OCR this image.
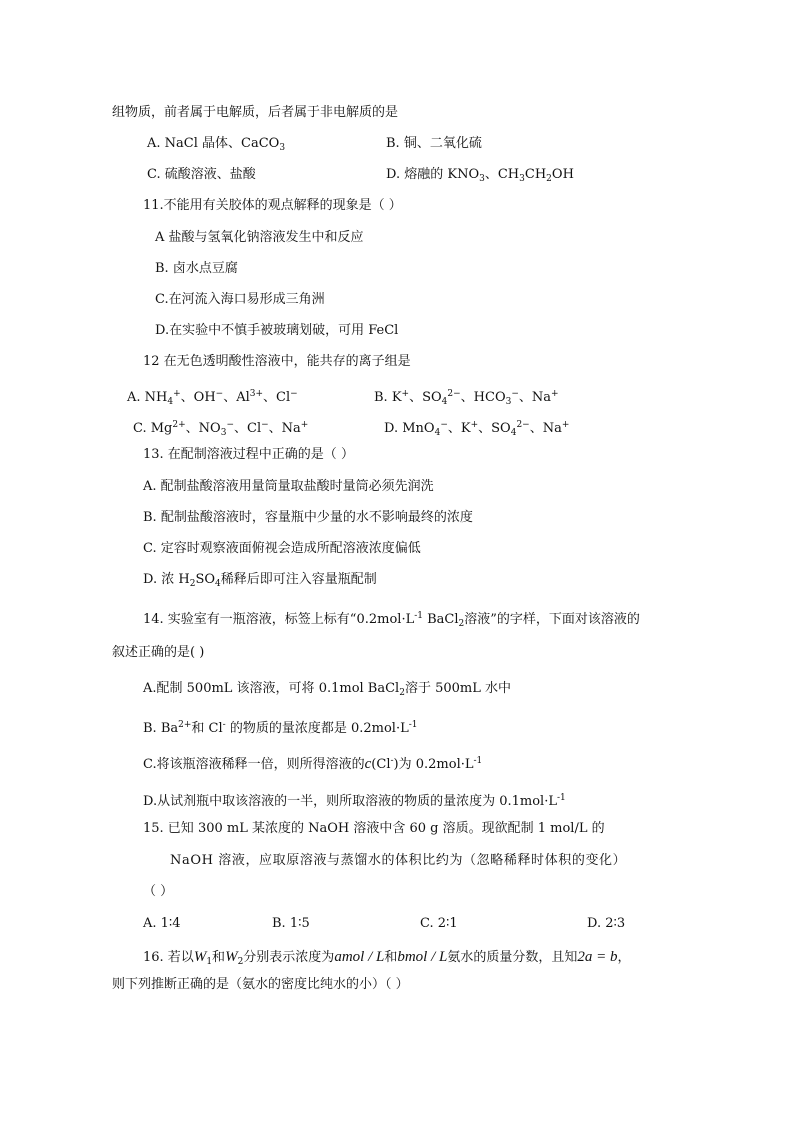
组物质，前者属于电解质，后者属于非电解质的是
A. NaCl 晶体、CaCO$_3$	B. 铜、二氧化硫
C. 硫酸溶液、盐酸	D. 熔融的 $KNO_3$、$CH_3CH_2OH$
11.不能用有关胶体的观点解释的现象是（ ）
A 盐酸与氢氧化钠溶液发生中和反应
B. 卤水点豆腐
C.在河流入海口易形成三角洲
D.在实验中不慎手被玻璃划破，可用 FeCl
12 在无色透明酸性溶液中，能共存的离子组是
A. $NH_4^+$、OH−、$Al^{3+}$、Cl−	B. K+、$SO_4^{2-}$、$HCO_3^-$、Na+
C. $Mg^{2+}$、$NO_3^-$、Cl−、Na+	D. MnO$_4$−、K+、$SO_4^{2-}$、Na+
13. 在配制溶液过程中正确的是（ ）
A. 配制盐酸溶液用量筒量取盐酸时量筒必须先润洗
B. 配制盐酸溶液时，容量瓶中少量的水不影响最终的浓度
C. 定容时观察液面俯视会造成所配溶液浓度偏低
D. 浓 $H_2SO_4$稀释后即可注入容量瓶配制
14. 实验室有一瓶溶液，标签上标有“$0.2mol\cdot L^{-1}$ BaCl$_2$溶液”的字样，下面对该溶液的
叙述正确的是( )
A.配制 500mL 该溶液，可将 0.1mol BaCl$_2$溶于 500mL 水中
B. $Ba^{2+}$和 Cl- 的物质的量浓度都是 $0.2mol\cdot L^{-1}$
C.将该瓶溶液稀释一倍，则所得溶液的c(Cl-)为 $0.2mol\cdot L^{-1}$
D.从试剂瓶中取该溶液的一半，则所取溶液的物质的量浓度为 $0.1mol\cdot L^{-1}$
15. 已知 300 mL 某浓度的 NaOH 溶液中含 60 g 溶质。现欲配制 1 mol/L 的
NaOH 溶液，应取原溶液与蒸馏水的体积比约为（忽略稀释时体积的变化）
（ ）
A. 1∶4	B. 1∶5	C. 2∶1	D. 2∶3
16. 若以$W_1$和$W_2$分别表示浓度为amol / L和bmol / L氨水的质量分数，且知2a = b，
则下列推断正确的是（氨水的密度比纯水的小）（ ）
